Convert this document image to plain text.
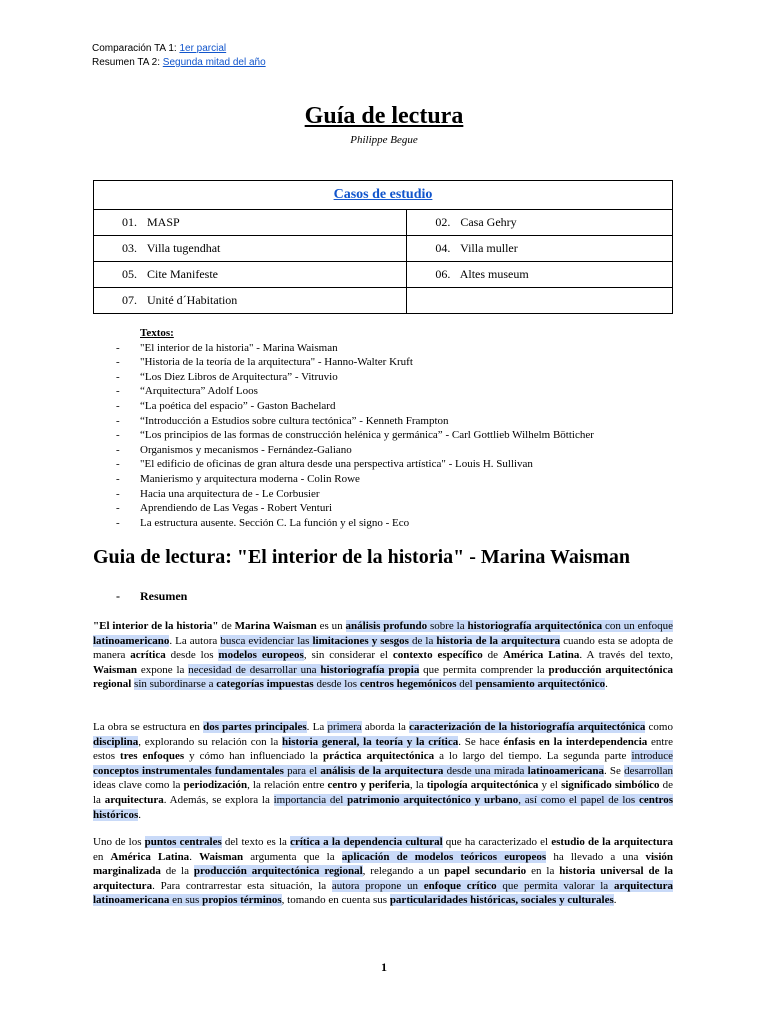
Comparación TA 1: 1er parcial
Resumen TA 2: Segunda mitad del año
Guía de lectura
Philippe Begue
Casos de estudio	
01. MASP	02. Casa Gehry
03. Villa tugendhat	04. Villa muller
05. Cite Manifeste	06. Altes museum
07. Unité d´Habitation	
Textos:
-	"El interior de la historia" - Marina Waisman
-	"Historia de la teoría de la arquitectura" - Hanno-Walter Kruft
-	“Los Diez Libros de Arquitectura” - Vitruvio
-	“Arquitectura” Adolf Loos
-	“La poética del espacio” - Gaston Bachelard
-	“Introducción a Estudios sobre cultura tectónica” - Kenneth Frampton
-	“Los principios de las formas de construcción helénica y germánica” - Carl Gottlieb Wilhelm Bötticher
-	Organismos y mecanismos - Fernández-Galiano
-	"El edificio de oficinas de gran altura desde una perspectiva artística" - Louis H. Sullivan
-	Manierismo y arquitectura moderna - Colin Rowe
-	Hacia una arquitectura de - Le Corbusier
-	Aprendiendo de Las Vegas - Robert Venturi
-	La estructura ausente. Sección C. La función y el signo - Eco
Guia de lectura: "El interior de la historia" - Marina Waisman
- Resumen
"El interior de la historia" de Marina Waisman es un análisis profundo sobre la historiografía arquitectónica con un enfoque latinoamericano. La autora busca evidenciar las limitaciones y sesgos de la historia de la arquitectura cuando esta se adopta de manera acrítica desde los modelos europeos, sin considerar el contexto específico de América Latina. A través del texto, Waisman expone la necesidad de desarrollar una historiografía propia que permita comprender la producción arquitectónica regional sin subordinarse a categorías impuestas desde los centros hegemónicos del pensamiento arquitectónico.
La obra se estructura en dos partes principales. La primera aborda la caracterización de la historiografía arquitectónica como disciplina, explorando su relación con la historia general, la teoría y la crítica. Se hace énfasis en la interdependencia entre estos tres enfoques y cómo han influenciado la práctica arquitectónica a lo largo del tiempo. La segunda parte introduce conceptos instrumentales fundamentales para el análisis de la arquitectura desde una mirada latinoamericana. Se desarrollan ideas clave como la periodización, la relación entre centro y periferia, la tipología arquitectónica y el significado simbólico de la arquitectura. Además, se explora la importancia del patrimonio arquitectónico y urbano, así como el papel de los centros históricos.
Uno de los puntos centrales del texto es la crítica a la dependencia cultural que ha caracterizado el estudio de la arquitectura en América Latina. Waisman argumenta que la aplicación de modelos teóricos europeos ha llevado a una visión marginalizada de la producción arquitectónica regional, relegando a un papel secundario en la historia universal de la arquitectura. Para contrarrestar esta situación, la autora propone un enfoque crítico que permita valorar la arquitectura latinoamericana en sus propios términos, tomando en cuenta sus particularidades históricas, sociales y culturales.
1
